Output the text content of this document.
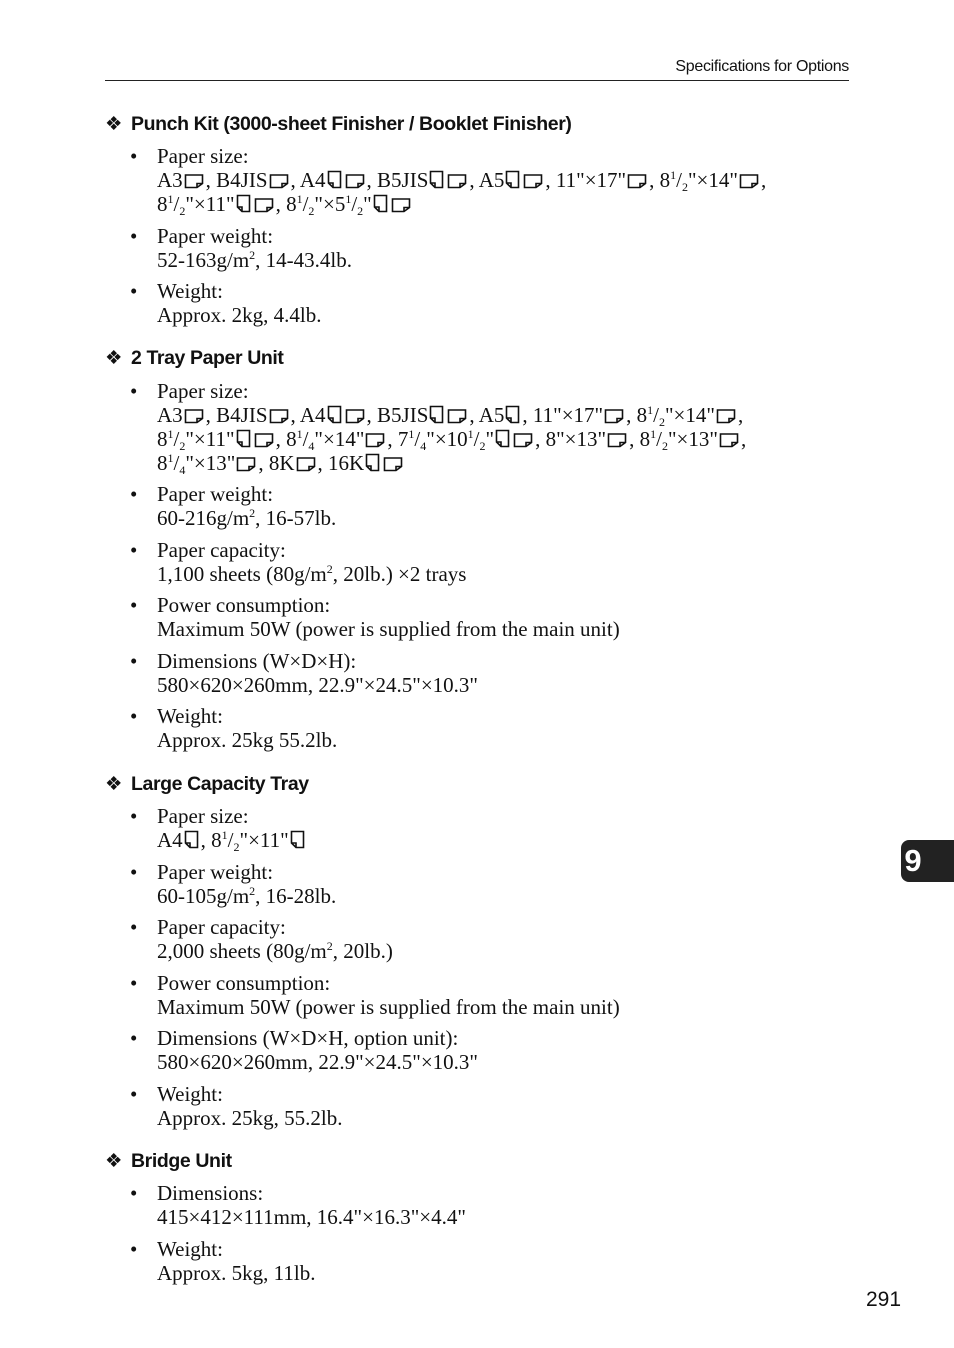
Specifications for Options
❖ Punch Kit (3000-sheet Finisher / Booklet Finisher)
• Paper size:
A3 , B4JIS , A4 , B5JIS , A5 , 11"×17" , $8^1/_2"\times 14$" ,
$8^1/_2"\times 11$" , $8^1/_2"\times 5^1/_2$"
• Paper weight:
$52-163g/m^2$, 14-43.4lb.
• Weight:
Approx. 2kg, 4.4lb.
❖ 2 Tray Paper Unit
• Paper size:
A3 , B4JIS , A4 , B5JIS , A5 , 11"×17" , $8^1/_2"\times 14$" ,
$8^1/_2"\times 11$" , $8^1/_4"\times 14$" , $7^1/_4"\times 10^1/_2$" , 8"×13" , $8^1/_2"\times 13$" ,
$8^1/_4"\times 13$" , 8K , 16K
• Paper weight:
$60-216g/m^2$, 16-57lb.
• Paper capacity:
1,100 sheets ($80g/m^2$, 20lb.) ×2 trays
• Power consumption:
Maximum 50W (power is supplied from the main unit)
• Dimensions (W×D×H):
580×620×260mm, 22.9"×24.5"×10.3"
• Weight:
Approx. 25kg 55.2lb.
❖ Large Capacity Tray
• Paper size:
A4 , $8^1/_2"\times 11$"
• Paper weight:
$60-105g/m^2$, 16-28lb.
• Paper capacity:
2,000 sheets ($80g/m^2$, 20lb.)
• Power consumption:
Maximum 50W (power is supplied from the main unit)
• Dimensions (W×D×H, option unit):
580×620×260mm, 22.9"×24.5"×10.3"
• Weight:
Approx. 25kg, 55.2lb.
❖ Bridge Unit
• Dimensions:
415×412×111mm, 16.4"×16.3"×4.4"
• Weight:
Approx. 5kg, 11lb.
9
291
